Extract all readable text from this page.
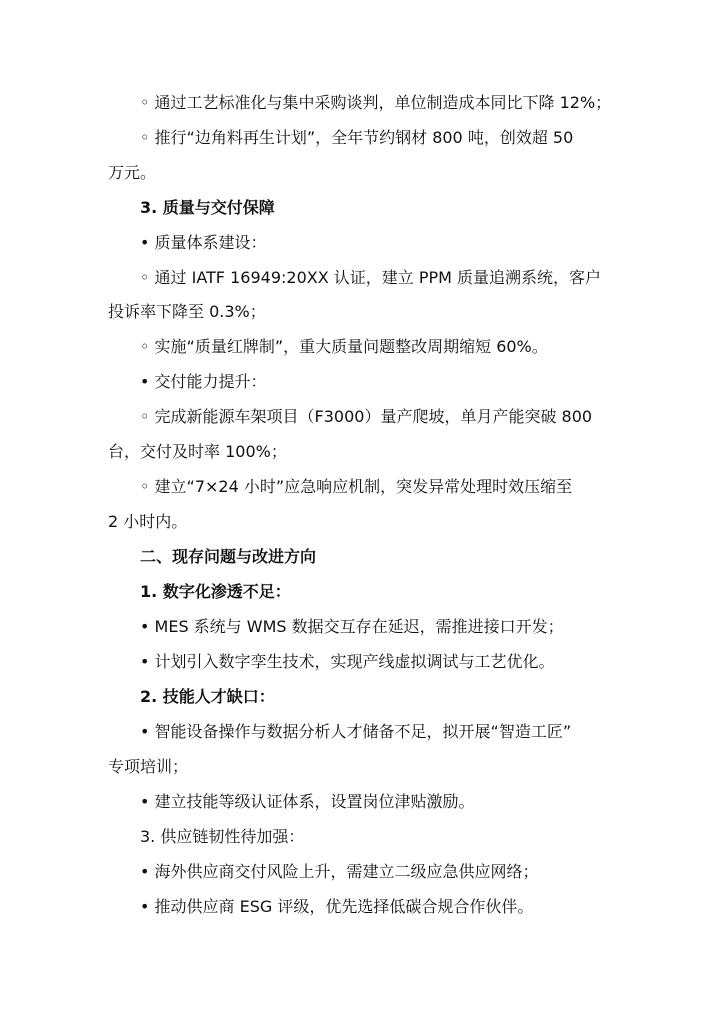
◦ 通过工艺标准化与集中采购谈判，单位制造成本同比下降 12%；
◦ 推行“边角料再生计划”，全年节约钢材 800 吨，创效超 50
万元。
3. 质量与交付保障
• 质量体系建设：
◦ 通过 IATF 16949:20XX 认证，建立 PPM 质量追溯系统，客户
投诉率下降至 0.3%；
◦ 实施“质量红牌制”，重大质量问题整改周期缩短 60%。
• 交付能力提升：
◦ 完成新能源车架项目（F3000）量产爬坡，单月产能突破 800
台，交付及时率 100%；
◦ 建立“7×24 小时”应急响应机制，突发异常处理时效压缩至
2 小时内。
二、现存问题与改进方向
1. 数字化渗透不足：
• MES 系统与 WMS 数据交互存在延迟，需推进接口开发；
• 计划引入数字孪生技术，实现产线虚拟调试与工艺优化。
2. 技能人才缺口：
• 智能设备操作与数据分析人才储备不足，拟开展“智造工匠”
专项培训；
• 建立技能等级认证体系，设置岗位津贴激励。
3. 供应链韧性待加强：
• 海外供应商交付风险上升，需建立二级应急供应网络；
• 推动供应商 ESG 评级，优先选择低碳合规合作伙伴。
